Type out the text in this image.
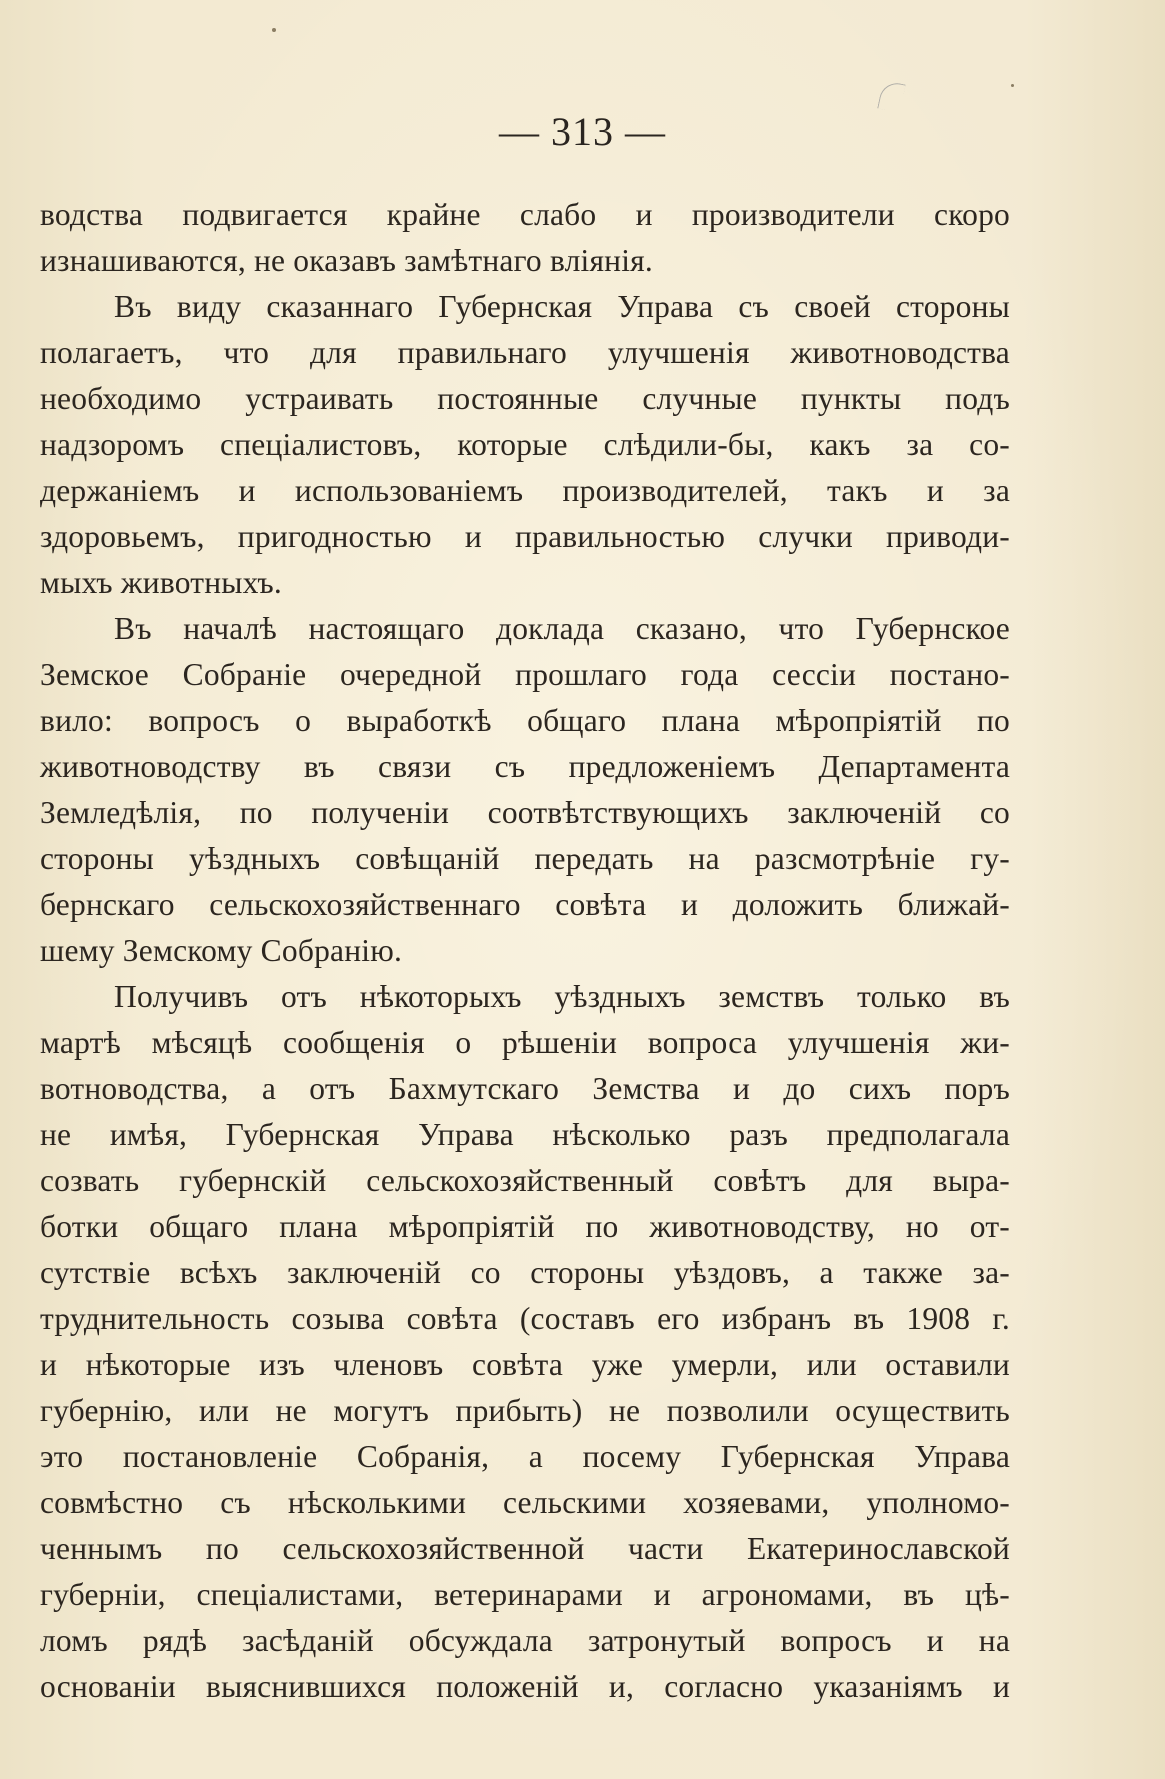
— 313 —
водства подвигается крайне слабо и производители скоро
изнашиваются, не оказавъ замѣтнаго вліянія.
Въ виду сказаннаго Губернская Управа съ своей стороны
полагаетъ, что для правильнаго улучшенія животноводства
необходимо устраивать постоянные случные пункты подъ
надзоромъ спеціалистовъ, которые слѣдили-бы, какъ за со-
держаніемъ и использованіемъ производителей, такъ и за
здоровьемъ, пригодностью и правильностью случки приводи-
мыхъ животныхъ.
Въ началѣ настоящаго доклада сказано, что Губернское
Земское Собраніе очередной прошлаго года сессіи постано-
вило: вопросъ о выработкѣ общаго плана мѣропріятій по
животноводству въ связи съ предложеніемъ Департамента
Земледѣлія, по полученіи соотвѣтствующихъ заключеній со
стороны уѣздныхъ совѣщаній передать на разсмотрѣніе гу-
бернскаго сельскохозяйственнаго совѣта и доложить ближай-
шему Земскому Собранію.
Получивъ отъ нѣкоторыхъ уѣздныхъ земствъ только въ
мартѣ мѣсяцѣ сообщенія о рѣшеніи вопроса улучшенія жи-
вотноводства, а отъ Бахмутскаго Земства и до сихъ поръ
не имѣя, Губернская Управа нѣсколько разъ предполагала
созвать губернскій сельскохозяйственный совѣтъ для выра-
ботки общаго плана мѣропріятій по животноводству, но от-
сутствіе всѣхъ заключеній со стороны уѣздовъ, а также за-
труднительность созыва совѣта (составъ его избранъ въ 1908 г.
и нѣкоторые изъ членовъ совѣта уже умерли, или оставили
губернію, или не могутъ прибыть) не позволили осуществить
это постановленіе Собранія, а посему Губернская Управа
совмѣстно съ нѣсколькими сельскими хозяевами, уполномо-
ченнымъ по сельскохозяйственной части Екатеринославской
губерніи, спеціалистами, ветеринарами и агрономами, въ цѣ-
ломъ рядѣ засѣданій обсуждала затронутый вопросъ и на
основаніи выяснившихся положеній и, согласно указаніямъ и
